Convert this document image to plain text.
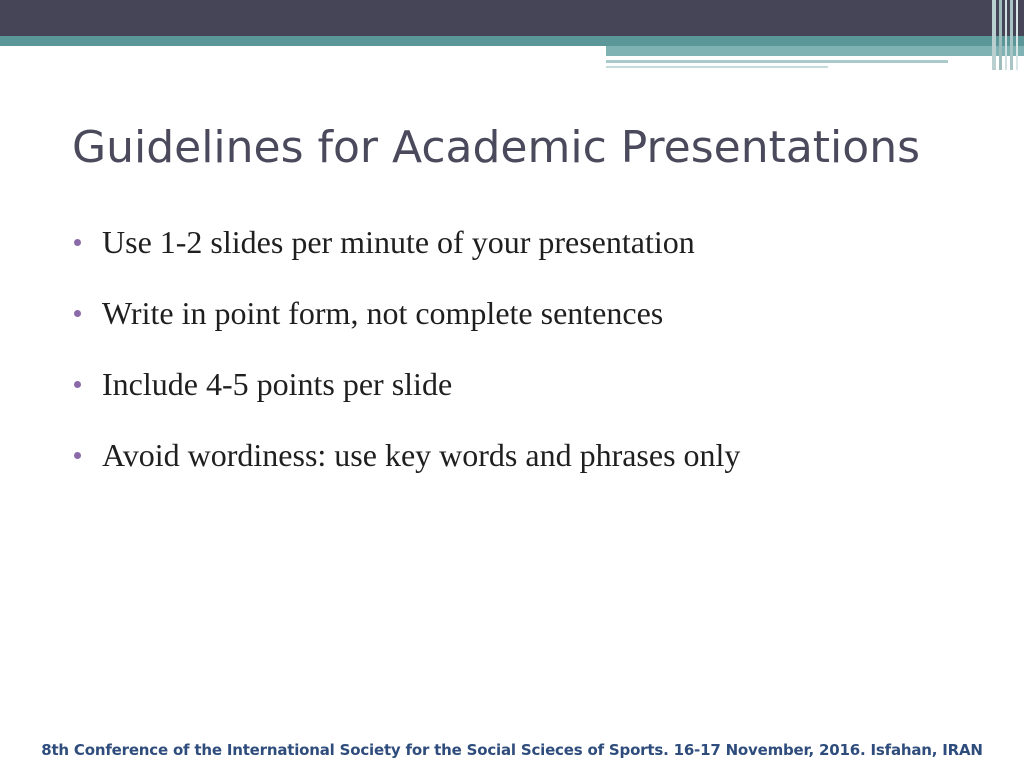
Guidelines for Academic Presentations
Use 1-2 slides per minute of your presentation
Write in point form, not complete sentences
Include 4-5 points per slide
Avoid wordiness: use key words and phrases only

8th Conference of the International Society for the Social Scieces of Sports. 16-17 November, 2016. Isfahan, IRAN
